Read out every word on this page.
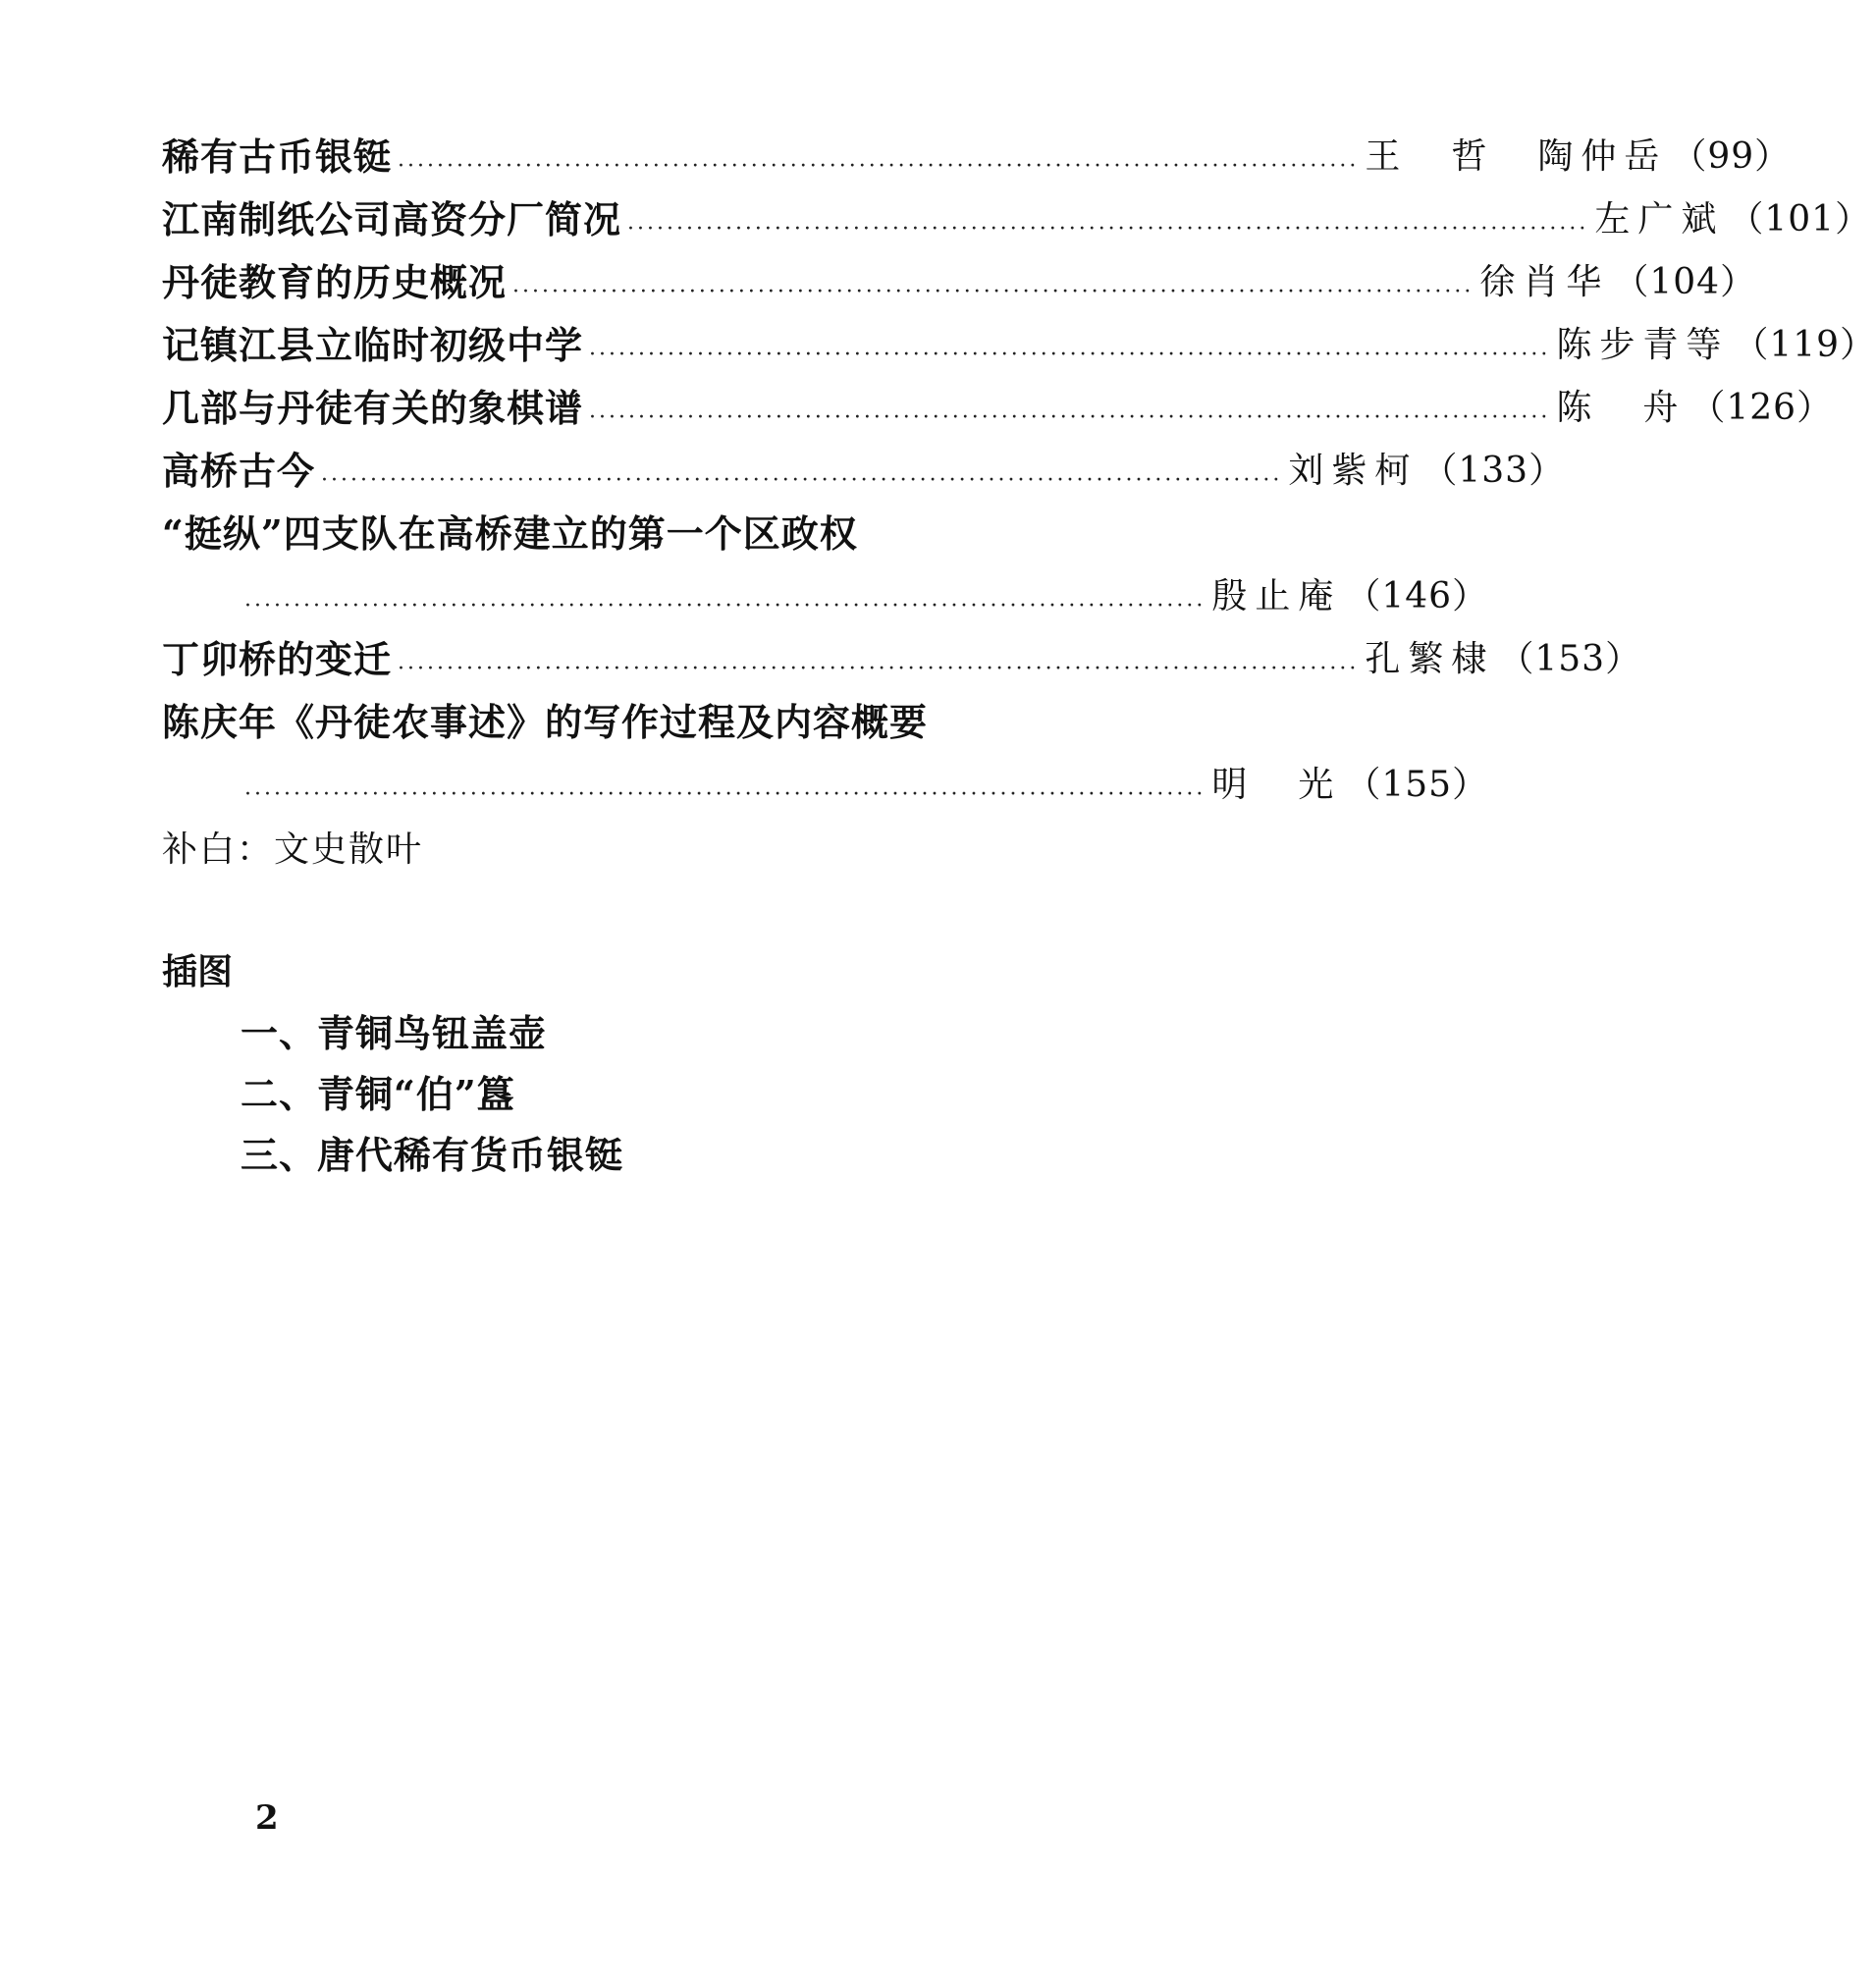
稀有古币银铤 ·································································································· 王　哲　陶仲岳 （99）
江南制纸公司高资分厂简况 ·································································································· 左广斌 （101）
丹徒教育的历史概况 ·································································································· 徐肖华 （104）
记镇江县立临时初级中学 ·································································································· 陈步青等 （119）
几部与丹徒有关的象棋谱 ·································································································· 陈　舟 （126）
高桥古今 ·································································································· 刘紫柯 （133）
“挺纵”四支队在高桥建立的第一个区政权
·································································································· 殷止庵 （146）
丁卯桥的变迁 ·································································································· 孔繁棣 （153）
陈庆年《丹徒农事述》的写作过程及内容概要
·································································································· 明　光 （155）
补白：文史散叶
插图
一、青铜鸟钮盖壶
二、青铜“伯”簋
三、唐代稀有货币银铤
2
